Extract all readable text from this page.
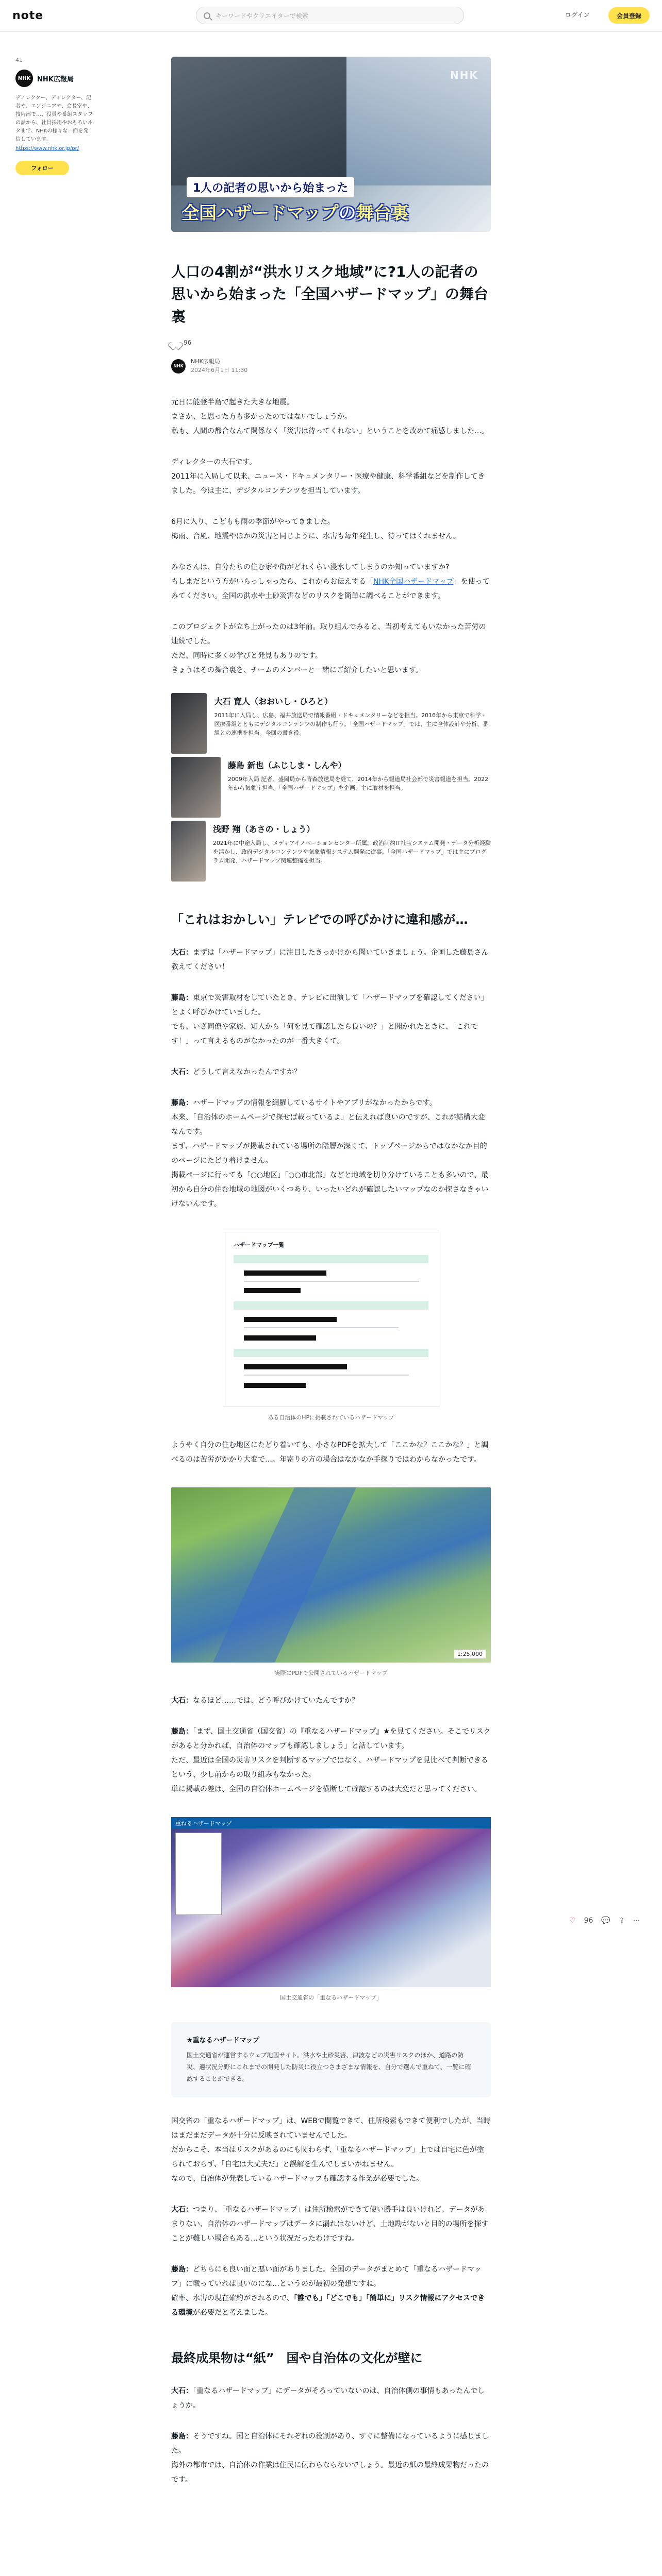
note	キーワードやクリエイターで検索	ログイン	会員登録
41
NHK NHK広報局
ディレクター、ディレクター、記者や、エンジニアや、会長室や、技術部で…、役員や番組スタッフの話から、社員採用やおもろいネタまで、NHKの様々な一面を発信しています。
https://www.nhk.or.jp/pr/
フォロー
NHK
1人の記者の思いから始まった
全国ハザードマップの舞台裏
人口の4割が“洪水リスク地域”に?1人の記者の思いから始まった「全国ハザードマップ」の舞台裏
96
NHK
NHK広報局
2024年6月1日 11:30

元日に能登半島で起きた大きな地震。

まさか、と思った方も多かったのではないでしょうか。

私も、人間の都合なんて関係なく「災害は待ってくれない」ということを改めて痛感しました…。

ディレクターの大石です。

2011年に入局して以来、ニュース・ドキュメンタリー・医療や健康、科学番組などを制作してきました。今は主に、デジタルコンテンツを担当しています。

6月に入り、こどもも雨の季節がやってきました。

梅雨、台風、地震やほかの災害と同じように、水害も毎年発生し、待ってはくれません。

みなさんは、自分たちの住む家や街がどれくらい浸水してしまうのか知っていますか?

もしまだという方がいらっしゃったら、これからお伝えする「NHK全国ハザードマップ」を使ってみてください。全国の洪水や土砂災害などのリスクを簡単に調べることができます。

このプロジェクトが立ち上がったのは3年前。取り組んでみると、当初考えてもいなかった苦労の連続でした。

ただ、同時に多くの学びと発見もありのです。

きょうはその舞台裏を、チームのメンバーと一緒にご紹介したいと思います。

大石 寛人（おおいし・ひろと）
2011年に入局し、広島、福井放送局で情報番組・ドキュメンタリーなどを担当。2016年から東京で科学・医療番組とともにデジタルコンテンツの制作も行う。「全国ハザードマップ」では、主に全体設計や分析、番組との連携を担当。今回の書き役。
藤島 新也（ふじしま・しんや）
2009年入局 記者。盛岡局から青森放送局を経て、2014年から報道局社会部で災害報道を担当。2022年から気象庁担当。「全国ハザードマップ」を企画、主に取材を担当。
浅野 翔（あさの・しょう）
2021年に中途入局し、メディアイノベーションセンター所属。政治制約IT社宝システム開発・データ分析経験を活かし、政府デジタルコンテンツや気象情報システム開発に従事。「全国ハザードマップ」では主にプログラム開発、ハザードマップ関連整備を担当。
「これはおかしい」テレビでの呼びかけに違和感が…

大石：まずは「ハザードマップ」に注目したきっかけから聞いていきましょう。企画した藤島さん教えてください！

藤島：東京で災害取材をしていたとき、テレビに出演して「ハザードマップを確認してください」とよく呼びかけていました。

でも、いざ同僚や家族、知人から「何を見て確認したら良いの？」と聞かれたときに、「これです！」って言えるものがなかったのが一番大きくて。

大石：どうして言えなかったんですか？

藤島：ハザードマップの情報を網羅しているサイトやアプリがなかったからです。

本来、「自治体のホームページで探せば載っているよ」と伝えれば良いのですが、これが結構大変なんです。

まず、ハザードマップが掲載されている場所の階層が深くて、トップページからではなかなか目的のページにたどり着けません。

掲載ページに行っても「○○地区」「○○市北部」などと地域を切り分けていることも多いので、最初から自分の住む地域の地図がいくつあり、いったいどれが確認したいマップなのか探さなきゃいけないんです。

ハザードマップ一覧
ある自治体のHPに掲載されているハザードマップ

ようやく自分の住む地区にたどり着いても、小さなPDFを拡大して「ここかな？ここかな？」と調べるのは苦労がかかり大変で…。年寄りの方の場合はなかなか手探りではわからなかったです。

1:25,000
実際にPDFで公開されているハザードマップ

大石：なるほど……では、どう呼びかけていたんですか？

藤島：「まず、国土交通省（国交省）の『重なるハザードマップ』★を見てください。そこでリスクがあると分かれば、自治体のマップも確認しましょう」と話しています。

ただ、最近は全国の災害リスクを判断するマップではなく、ハザードマップを見比べて判断できるという、少し前からの取り組みもなかった。

単に掲載の差は、全国の自治体ホームページを横断して確認するのは大変だと思ってください。

重ねるハザードマップ
国土交通省の「重なるハザードマップ」
★重なるハザードマップ
国土交通省が運営するウェブ地図サイト。洪水や土砂災害、津波などの災害リスクのほか、道路の防災、適状況分野にこれまでの開発した防災に役立つさまざまな情報を、自分で選んで重ねて、一覧に確認することができる。

国交省の「重なるハザードマップ」は、WEBで閲覧できて、住所検索もできて便利でしたが、当時はまだまだデータが十分に反映されていませんでした。

だからこそ、本当はリスクがあるのにも関わらず、「重なるハザードマップ」上では自宅に色が塗られておらず、「自宅は大丈夫だ」と誤解を生んでしまいかねません。

なので、自治体が発表しているハザードマップも確認する作業が必要でした。

大石：つまり、「重なるハザードマップ」は住所検索ができて使い勝手は良いけれど、データがあまりない、自治体のハザードマップはデータに漏れはないけど、土地勘がないと目的の場所を探すことが難しい場合もある…という状況だったわけですね。

藤島：どちらにも良い面と悪い面がありました。全国のデータがまとめて「重なるハザードマップ」に載っていれば良いのにな…というのが最初の発想ですね。

確率、水害の現在確約がされるので、「誰でも」「どこでも」「簡単に」リスク情報にアクセスできる環境が必要だと考えました。

最終成果物は“紙”　国や自治体の文化が壁に

大石：「重なるハザードマップ」にデータがそろっていないのは、自治体側の事情もあったんでしょうか。

藤島：そうですね。国と自治体にそれぞれの役割があり、すぐに整備になっているように感じました。

海外の都市では、自治体の作業は住民に伝わらならないでしょう。最近の紙の最終成果物だったのです。

♡ 96 💬 ⇪ ⋯
